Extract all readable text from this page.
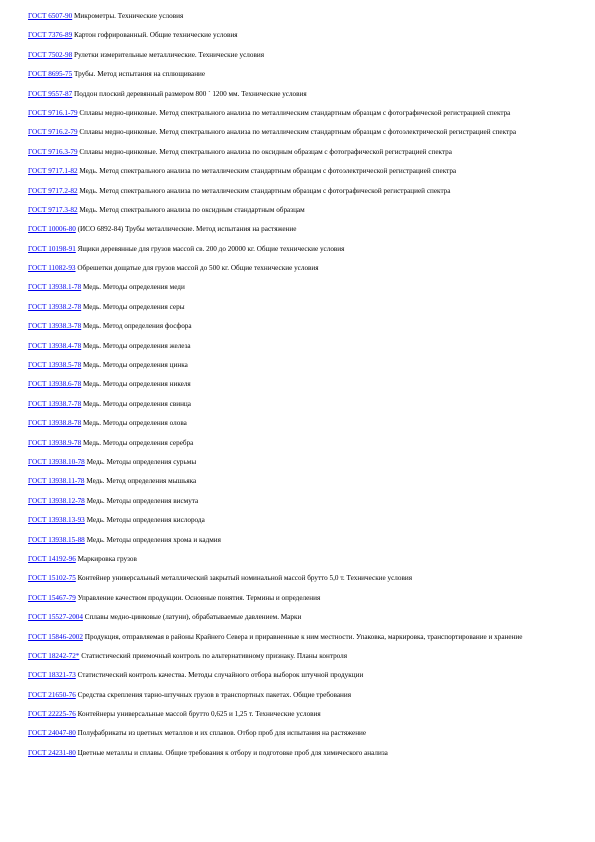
ГОСТ 6507-90 Микрометры. Технические условия

ГОСТ 7376-89 Картон гофрированный. Общие технические условия

ГОСТ 7502-98 Рулетки измерительные металлические. Технические условия

ГОСТ 8695-75 Трубы. Метод испытания на сплющивание

ГОСТ 9557-87 Поддон плоский деревянный размером 800 ´ 1200 мм. Технические условия

ГОСТ 9716.1-79 Сплавы медно-цинковые. Метод спектрального анализа по металлическим стандартным образцам с фотографической регистрацией спектра

ГОСТ 9716.2-79 Сплавы медно-цинковые. Метод спектрального анализа по металлическим стандартным образцам с фотоэлектрической регистрацией спектра

ГОСТ 9716.3-79 Сплавы медно-цинковые. Метод спектрального анализа по оксидным образцам с фотографической регистрацией спектра

ГОСТ 9717.1-82 Медь. Метод спектрального анализа по металлическим стандартным образцам с фотоэлектрической регистрацией спектра

ГОСТ 9717.2-82 Медь. Метод спектрального анализа по металлическим стандартным образцам с фотографической регистрацией спектра

ГОСТ 9717.3-82 Медь. Метод спектрального анализа по оксидным стандартным образцам

ГОСТ 10006-80 (ИСО 6892-84) Трубы металлические. Метод испытания на растяжение

ГОСТ 10198-91 Ящики деревянные для грузов массой св. 200 до 20000 кг. Общие технические условия

ГОСТ 11082-93 Обрешетки дощатые для грузов массой до 500 кг. Общие технические условия

ГОСТ 13938.1-78 Медь. Методы определения меди

ГОСТ 13938.2-78 Медь. Методы определения серы

ГОСТ 13938.3-78 Медь. Метод определения фосфора

ГОСТ 13938.4-78 Медь. Методы определения железа

ГОСТ 13938.5-78 Медь. Методы определения цинка

ГОСТ 13938.6-78 Медь. Методы определения никеля

ГОСТ 13938.7-78 Медь. Методы определения свинца

ГОСТ 13938.8-78 Медь. Методы определения олова

ГОСТ 13938.9-78 Медь. Методы определения серебра

ГОСТ 13938.10-78 Медь. Методы определения сурьмы

ГОСТ 13938.11-78 Медь. Метод определения мышьяка

ГОСТ 13938.12-78 Медь. Методы определения висмута

ГОСТ 13938.13-93 Медь. Методы определения кислорода

ГОСТ 13938.15-88 Медь. Методы определения хрома и кадмия

ГОСТ 14192-96 Маркировка грузов

ГОСТ 15102-75 Контейнер универсальный металлический закрытый номинальной массой брутто 5,0 т. Технические условия

ГОСТ 15467-79 Управление качеством продукции. Основные понятия. Термины и определения

ГОСТ 15527-2004 Сплавы медно-цинковые (латуни), обрабатываемые давлением. Марки

ГОСТ 15846-2002 Продукция, отправляемая в районы Крайнего Севера и приравненные к ним местности. Упаковка, маркировка, транспортирование и хранение

ГОСТ 18242-72* Статистический приемочный контроль по альтернативному признаку. Планы контроля

ГОСТ 18321-73 Статистический контроль качества. Методы случайного отбора выборок штучной продукции

ГОСТ 21650-76 Средства скрепления тарно-штучных грузов в транспортных пакетах. Общие требования

ГОСТ 22225-76 Контейнеры универсальные массой брутто 0,625 и 1,25 т. Технические условия

ГОСТ 24047-80 Полуфабрикаты из цветных металлов и их сплавов. Отбор проб для испытания на растяжение

ГОСТ 24231-80 Цветные металлы и сплавы. Общие требования к отбору и подготовке проб для химического анализа
